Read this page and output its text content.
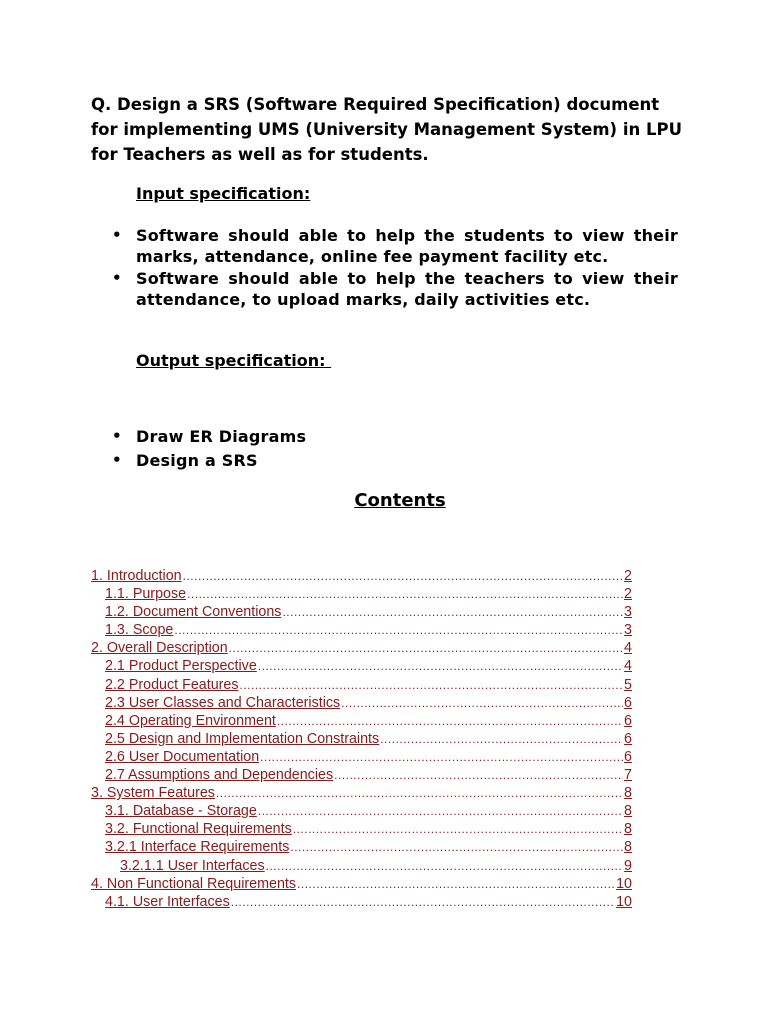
Q. Design a SRS (Software Required Specification) document for implementing UMS (University Management System) in LPU for Teachers as well as for students.
Input specification:
• Software should able to help the students to view their marks, attendance, online fee payment facility etc.
• Software should able to help the teachers to view their attendance, to upload marks, daily activities etc.
Output specification:
• Draw ER Diagrams
• Design a SRS
Contents
1. Introduction .....	2
1.1. Purpose .....	2
1.2. Document Conventions .....	3
1.3. Scope .....	3
2. Overall Description .....	4
2.1 Product Perspective .....	4
2.2 Product Features .....	5
2.3 User Classes and Characteristics .....	6
2.4 Operating Environment .....	6
2.5 Design and Implementation Constraints .....	6
2.6 User Documentation .....	6
2.7 Assumptions and Dependencies .....	7
3. System Features .....	8
3.1. Database - Storage .....	8
3.2. Functional Requirements .....	8
3.2.1 Interface Requirements .....	8
3.2.1.1 User Interfaces .....	9
4. Non Functional Requirements .....	10
4.1. User Interfaces .....	10
